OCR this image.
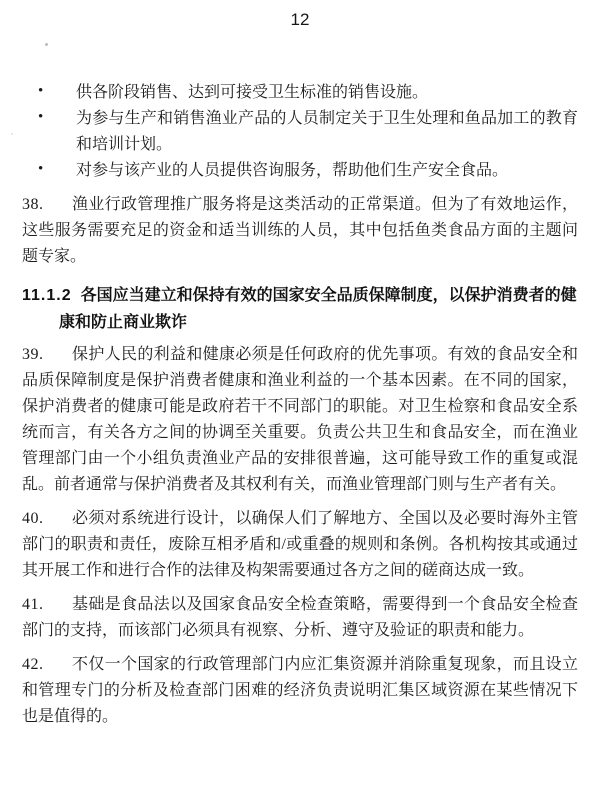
12
• 供各阶段销售、达到可接受卫生标准的销售设施。
• 为参与生产和销售渔业产品的人员制定关于卫生处理和鱼品加工的教育和培训计划。
• 对参与该产业的人员提供咨询服务，帮助他们生产安全食品。
38.	渔业行政管理推广服务将是这类活动的正常渠道。但为了有效地运作，这些服务需要充足的资金和适当训练的人员，其中包括鱼类食品方面的主题问题专家。
11.1.2 各国应当建立和保持有效的国家安全品质保障制度，以保护消费者的健康和防止商业欺诈
39.	保护人民的利益和健康必须是任何政府的优先事项。有效的食品安全和品质保障制度是保护消费者健康和渔业利益的一个基本因素。在不同的国家，保护消费者的健康可能是政府若干不同部门的职能。对卫生检察和食品安全系统而言，有关各方之间的协调至关重要。负责公共卫生和食品安全，而在渔业管理部门由一个小组负责渔业产品的安排很普遍，这可能导致工作的重复或混乱。前者通常与保护消费者及其权利有关，而渔业管理部门则与生产者有关。
40.	必须对系统进行设计，以确保人们了解地方、全国以及必要时海外主管部门的职责和责任，废除互相矛盾和/或重叠的规则和条例。各机构按其或通过其开展工作和进行合作的法律及构架需要通过各方之间的磋商达成一致。
41.	基础是食品法以及国家食品安全检查策略，需要得到一个食品安全检查部门的支持，而该部门必须具有视察、分析、遵守及验证的职责和能力。
42.	不仅一个国家的行政管理部门内应汇集资源并消除重复现象，而且设立和管理专门的分析及检查部门困难的经济负责说明汇集区域资源在某些情况下也是值得的。
